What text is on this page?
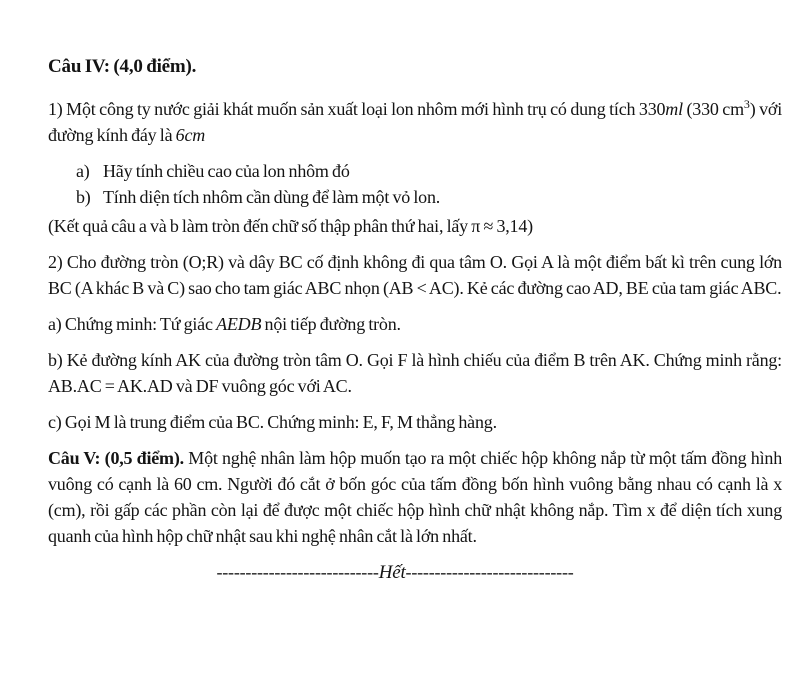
Câu IV: (4,0 điểm).

1) Một công ty nước giải khát muốn sản xuất loại lon nhôm mới hình trụ có dung tích 330ml (330 $cm^3$) với đường kính đáy là 6cm

a) Hãy tính chiều cao của lon nhôm đó
b) Tính diện tích nhôm cần dùng để làm một vỏ lon.

(Kết quả câu a và b làm tròn đến chữ số thập phân thứ hai, lấy π ≈ 3,14)

2) Cho đường tròn (O;R) và dây BC cố định không đi qua tâm O. Gọi A là một điểm bất kì trên cung lớn BC (A khác B và C) sao cho tam giác ABC nhọn (AB < AC). Kẻ các đường cao AD, BE của tam giác ABC.

a) Chứng minh: Tứ giác AEDB nội tiếp đường tròn.

b) Kẻ đường kính AK của đường tròn tâm O. Gọi F là hình chiếu của điểm B trên AK. Chứng minh rằng: AB.AC = AK.AD và DF vuông góc với AC.

c) Gọi M là trung điểm của BC. Chứng minh: E, F, M thẳng hàng.

Câu V: (0,5 điểm). Một nghệ nhân làm hộp muốn tạo ra một chiếc hộp không nắp từ một tấm đồng hình vuông có cạnh là 60 cm. Người đó cắt ở bốn góc của tấm đồng bốn hình vuông bằng nhau có cạnh là x (cm), rồi gấp các phần còn lại để được một chiếc hộp hình chữ nhật không nắp. Tìm x để diện tích xung quanh của hình hộp chữ nhật sau khi nghệ nhân cắt là lớn nhất.

----------------------------Hết-----------------------------
